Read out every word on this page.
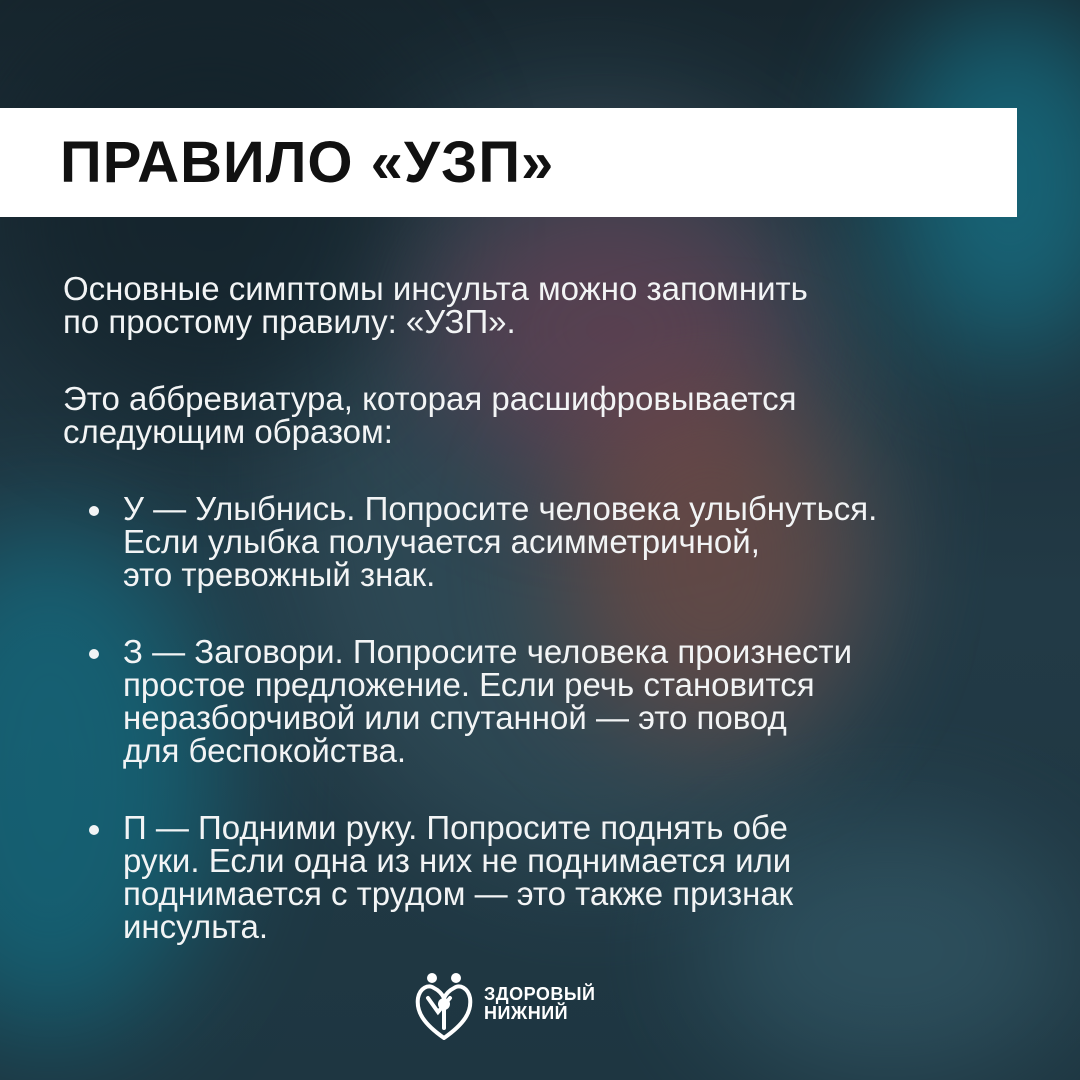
ПРАВИЛО «УЗП»

Основные симптомы инсульта можно запомнить
по простому правилу: «УЗП».

Это аббревиатура, которая расшифровывается
следующим образом:

У — Улыбнись. Попросите человека улыбнуться.
Если улыбка получается асимметричной,
это тревожный знак.
З — Заговори. Попросите человека произнести
простое предложение. Если речь становится
неразборчивой или спутанной — это повод
для беспокойства.
П — Подними руку. Попросите поднять обе
руки. Если одна из них не поднимается или
поднимается с трудом — это также признак
инсульта.
ЗДОРОВЫЙ
НИЖНИЙ
